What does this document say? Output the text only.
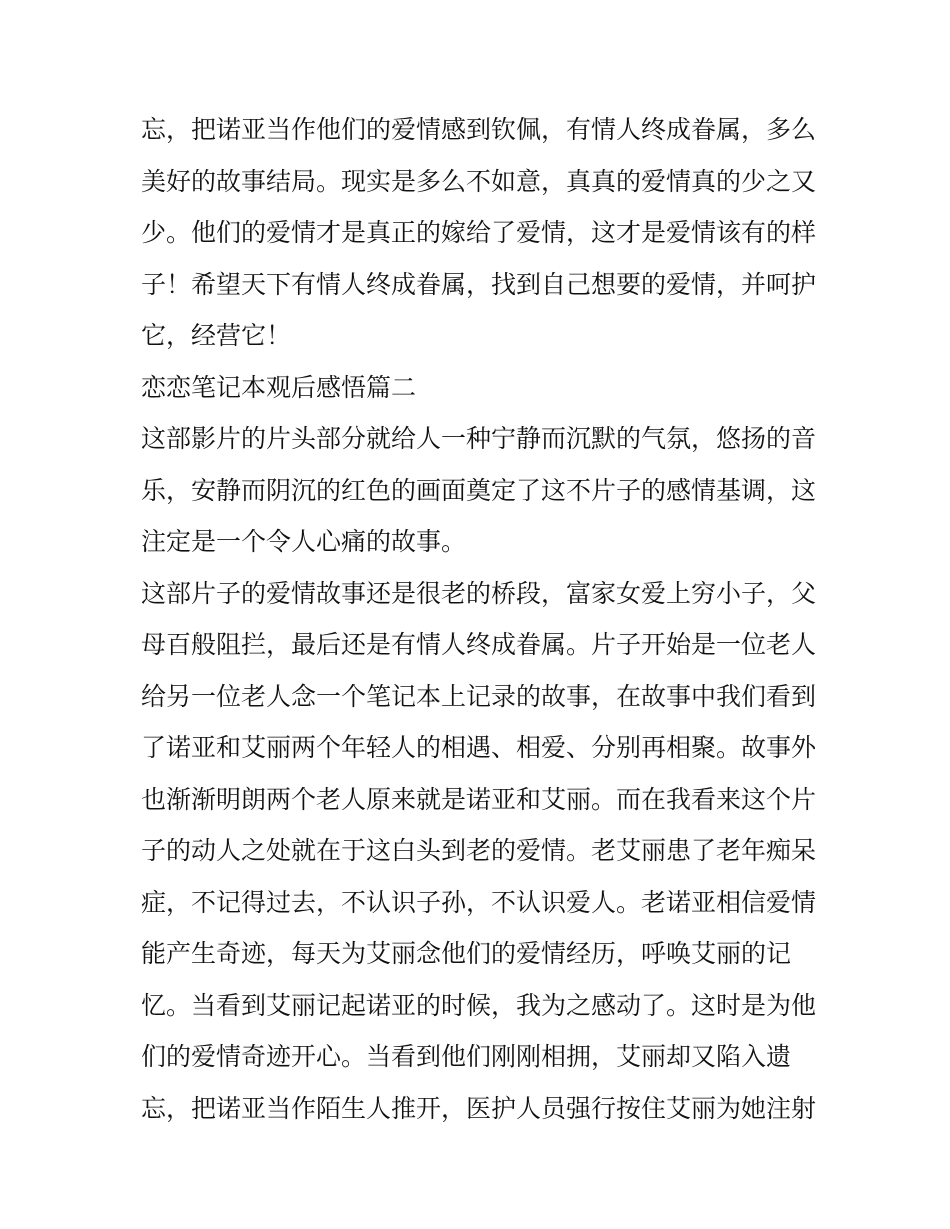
忘，把诺亚当作他们的爱情感到钦佩，有情人终成眷属，多么
美好的故事结局。现实是多么不如意，真真的爱情真的少之又
少。他们的爱情才是真正的嫁给了爱情，这才是爱情该有的样
子！希望天下有情人终成眷属，找到自己想要的爱情，并呵护
它，经营它！
恋恋笔记本观后感悟篇二
这部影片的片头部分就给人一种宁静而沉默的气氛，悠扬的音
乐，安静而阴沉的红色的画面奠定了这不片子的感情基调，这
注定是一个令人心痛的故事。
这部片子的爱情故事还是很老的桥段，富家女爱上穷小子，父
母百般阻拦，最后还是有情人终成眷属。片子开始是一位老人
给另一位老人念一个笔记本上记录的故事，在故事中我们看到
了诺亚和艾丽两个年轻人的相遇、相爱、分别再相聚。故事外
也渐渐明朗两个老人原来就是诺亚和艾丽。而在我看来这个片
子的动人之处就在于这白头到老的爱情。老艾丽患了老年痴呆
症，不记得过去，不认识子孙，不认识爱人。老诺亚相信爱情
能产生奇迹，每天为艾丽念他们的爱情经历，呼唤艾丽的记
忆。当看到艾丽记起诺亚的时候，我为之感动了。这时是为他
们的爱情奇迹开心。当看到他们刚刚相拥，艾丽却又陷入遗
忘，把诺亚当作陌生人推开，医护人员强行按住艾丽为她注射
